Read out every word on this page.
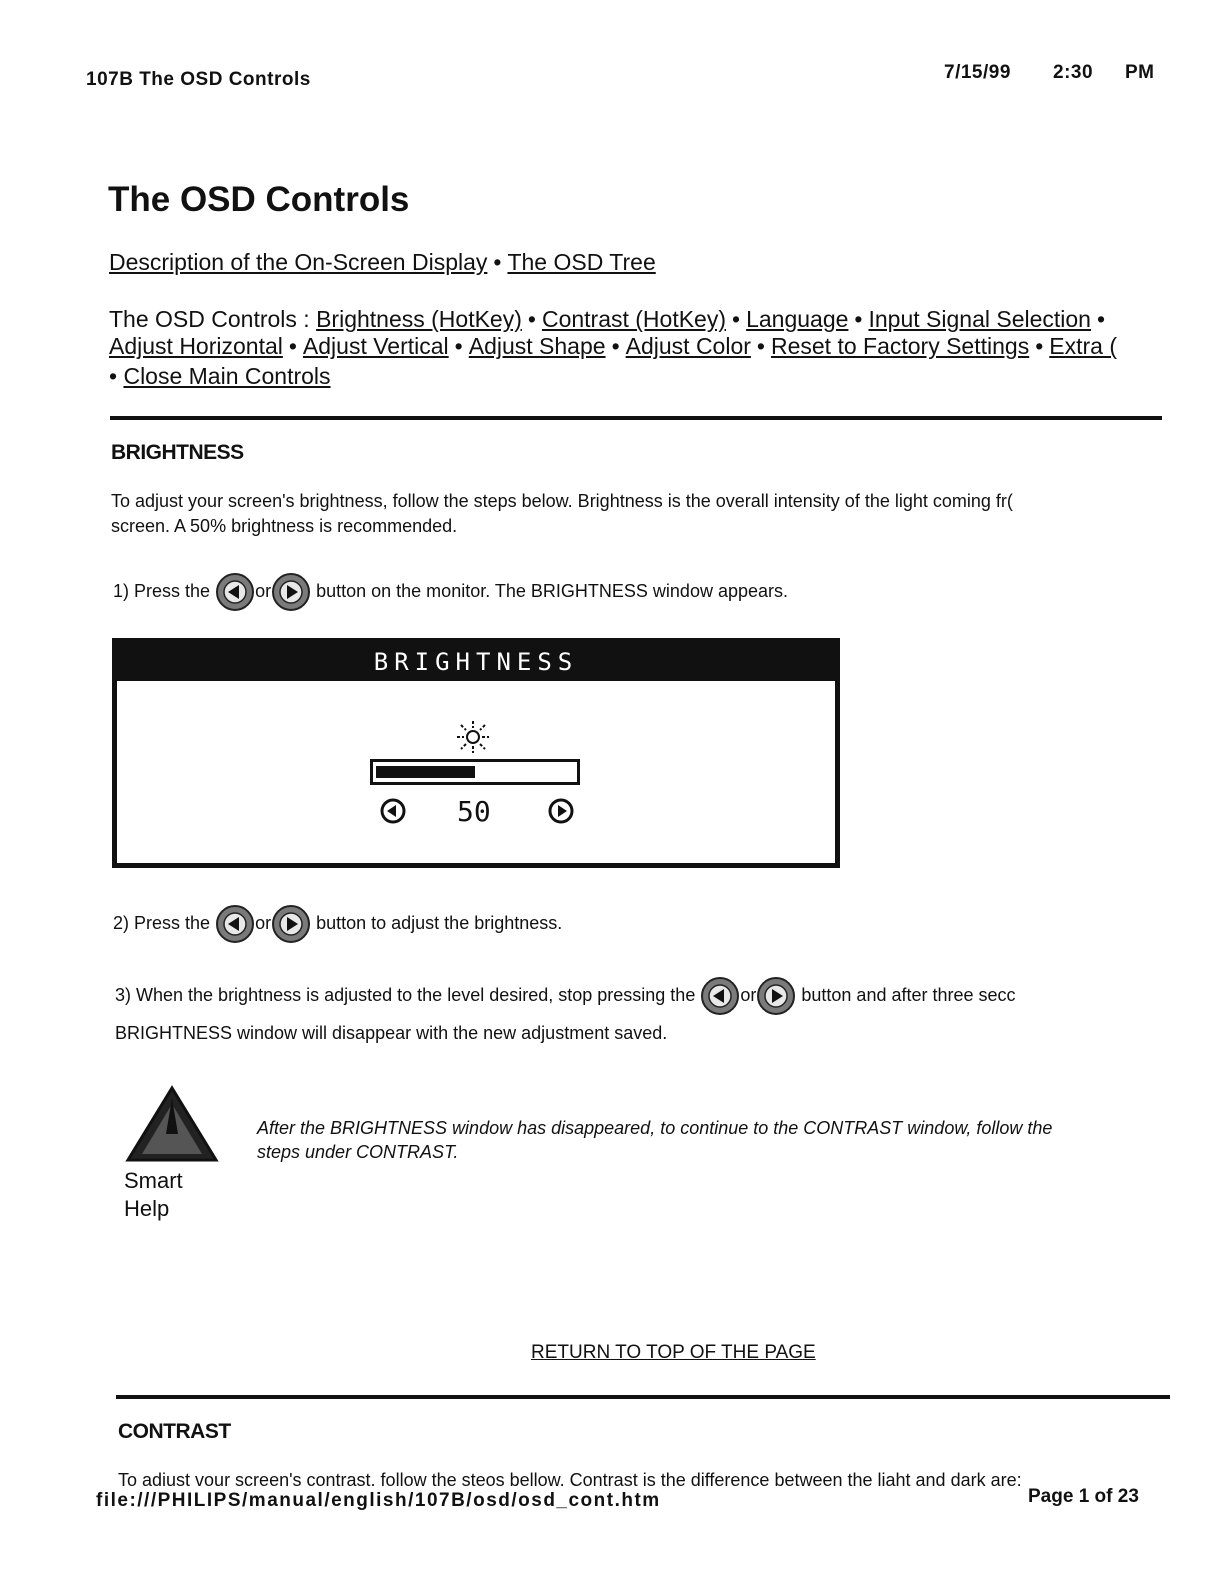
107B The OSD Controls	7/15/99 2:30 PM
The OSD Controls
Description of the On-Screen Display • The OSD Tree
The OSD Controls : Brightness (HotKey) • Contrast (HotKey) • Language • Input Signal Selection •
Adjust Horizontal • Adjust Vertical • Adjust Shape • Adjust Color • Reset to Factory Settings • Extra (
• Close Main Controls
BRIGHTNESS
To adjust your screen's brightness, follow the steps below. Brightness is the overall intensity of the light coming fr(
screen. A 50% brightness is recommended.
1) Press the	or	button on the monitor. The BRIGHTNESS window appears.
BRIGHTNESS
50
2) Press the	or	button to adjust the brightness.
3) When the brightness is adjusted to the level desired, stop pressing the	or	button and after three secc
BRIGHTNESS window will disappear with the new adjustment saved.
Smart
Help
After the BRIGHTNESS window has disappeared, to continue to the CONTRAST window, follow the
steps under CONTRAST.
RETURN TO TOP OF THE PAGE
CONTRAST
To adiust vour screen's contrast. follow the steos bellow. Contrast is the difference between the liaht and dark are:
file:///PHILIPS/manual/english/107B/osd/osd_cont.htm	Page 1 of 23
